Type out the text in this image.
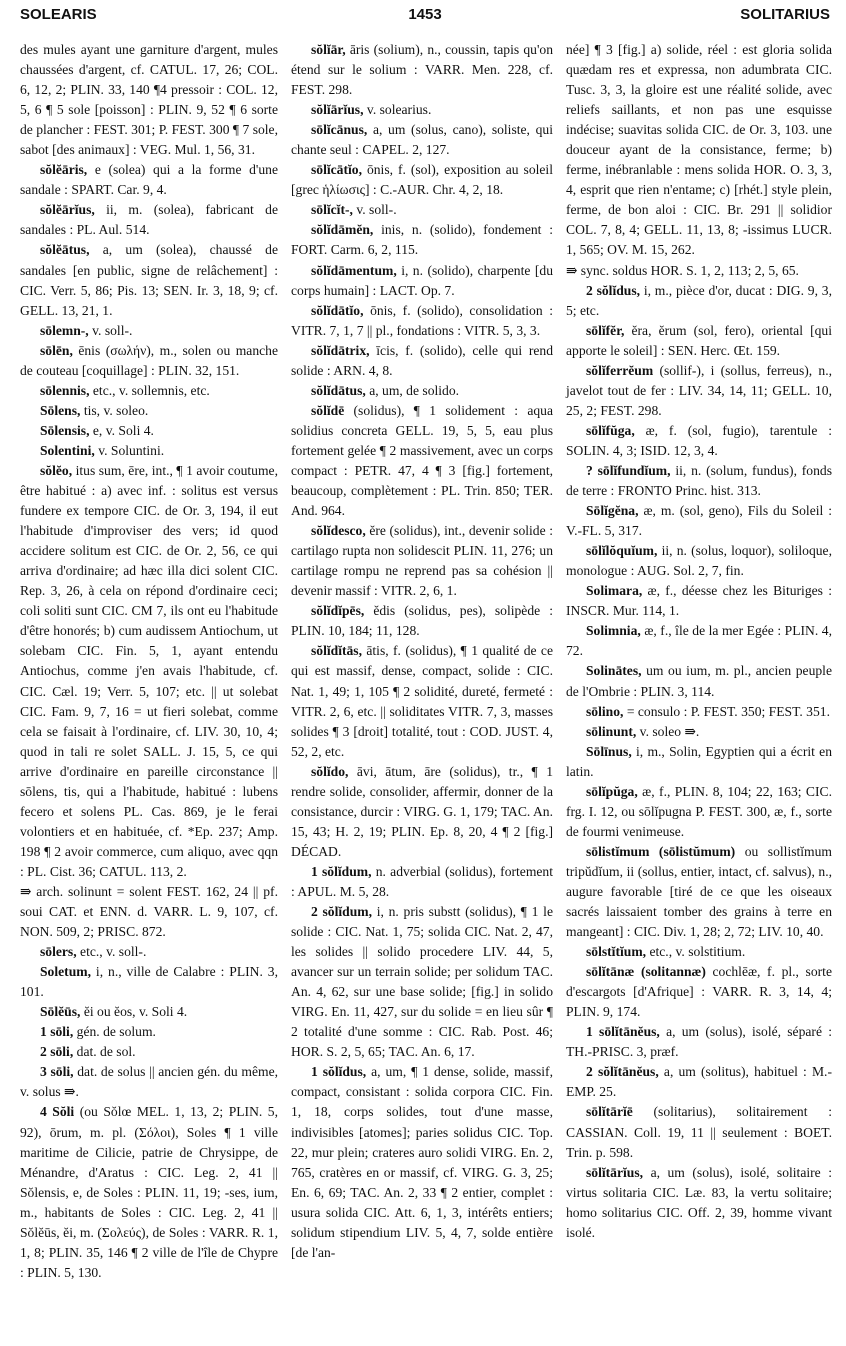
SOLEARIS	1453	SOLITARIUS

des mules ayant une garniture d'argent, mules chaussées d'argent, cf. CATUL. 17, 26; COL. 6, 12, 2; PLIN. 33, 140 ¶4 pressoir : COL. 12, 5, 6 ¶ 5 sole [poisson] : PLIN. 9, 52 ¶ 6 sorte de plancher : FEST. 301; P. FEST. 300 ¶ 7 sole, sabot [des animaux] : VEG. Mul. 1, 56, 31.

sŏlĕāris, e (solea) qui a la forme d'une sandale : SPART. Car. 9, 4.

sŏlĕārĭus, ii, m. (solea), fabricant de sandales : PL. Aul. 514.

sŏlĕātus, a, um (solea), chaussé de sandales [en public, signe de relâchement] : CIC. Verr. 5, 86; Pis. 13; SEN. Ir. 3, 18, 9; cf. GELL. 13, 21, 1.

sōlemn-, v. soll-.

sōlēn, ēnis (σωλήν), m., solen ou manche de couteau [coquillage] : PLIN. 32, 151.

sōlennis, etc., v. sollemnis, etc.

Sōlens, tis, v. soleo.

Sōlensis, e, v. Soli 4.

Solentini, v. Soluntini.

sŏlĕo, itus sum, ēre, int., ¶ 1 avoir coutume, être habitué : a) avec inf. : solitus est versus fundere ex tempore CIC. de Or. 3, 194, il eut l'habitude d'improviser des vers; id quod accidere solitum est CIC. de Or. 2, 56, ce qui arriva d'ordinaire; ad hæc illa dici solent CIC. Rep. 3, 26, à cela on répond d'ordinaire ceci; coli soliti sunt CIC. CM 7, ils ont eu l'habitude d'être honorés; b) cum audissem Antiochum, ut solebam CIC. Fin. 5, 1, ayant entendu Antiochus, comme j'en avais l'habitude, cf. CIC. Cæl. 19; Verr. 5, 107; etc. || ut solebat CIC. Fam. 9, 7, 16 = ut fieri solebat, comme cela se faisait à l'ordinaire, cf. LIV. 30, 10, 4; quod in tali re solet SALL. J. 15, 5, ce qui arrive d'ordinaire en pareille circonstance || sōlens, tis, qui a l'habitude, habitué : lubens fecero et solens PL. Cas. 869, je le ferai volontiers et en habituée, cf. *Ep. 237; Amp. 198 ¶ 2 avoir commerce, cum aliquo, avec qqn : PL. Cist. 36; CATUL. 113, 2.

⇛ arch. solinunt = solent FEST. 162, 24 || pf. soui CAT. et ENN. d. VARR. L. 9, 107, cf. NON. 509, 2; PRISC. 872.

sōlers, etc., v. soll-.

Soletum, i, n., ville de Calabre : PLIN. 3, 101.

Sōlĕūs, ĕi ou ĕos, v. Soli 4.

1 sōli, gén. de solum.

2 sōli, dat. de sol.

3 sōli, dat. de solus || ancien gén. du même, v. solus ⇛.

4 Sŏli (ou Sŏlœ MEL. 1, 13, 2; PLIN. 5, 92), ōrum, m. pl. (Σόλοι), Soles ¶ 1 ville maritime de Cilicie, patrie de Chrysippe, de Ménandre, d'Aratus : CIC. Leg. 2, 41 || Sŏlensis, e, de Soles : PLIN. 11, 19; -ses, ium, m., habitants de Soles : CIC. Leg. 2, 41 || Sŏlĕūs, ĕi, m. (Σολεύς), de Soles : VARR. R. 1, 1, 8; PLIN. 35, 146 ¶ 2 ville de l'île de Chypre : PLIN. 5, 130.

sŏlĭār, āris (solium), n., coussin, tapis qu'on étend sur le solium : VARR. Men. 228, cf. FEST. 298.

sŏlĭārĭus, v. solearius.

sōlĭcānus, a, um (solus, cano), soliste, qui chante seul : CAPEL. 2, 127.

sōlĭcātĭo, ōnis, f. (sol), exposition au soleil [grec ἡλίωσις] : C.-AUR. Chr. 4, 2, 18.

sōlĭcĭt-, v. soll-.

sŏlĭdāmĕn, inis, n. (solido), fondement : FORT. Carm. 6, 2, 115.

sŏlĭdāmentum, i, n. (solido), charpente [du corps humain] : LACT. Op. 7.

sŏlĭdātĭo, ōnis, f. (solido), consolidation : VITR. 7, 1, 7 || pl., fondations : VITR. 5, 3, 3.

sŏlĭdātrix, īcis, f. (solido), celle qui rend solide : ARN. 4, 8.

sŏlĭdātus, a, um, de solido.

sŏlĭdē (solidus), ¶ 1 solidement : aqua solidius concreta GELL. 19, 5, 5, eau plus fortement gelée ¶ 2 massivement, avec un corps compact : PETR. 47, 4 ¶ 3 [fig.] fortement, beaucoup, complètement : PL. Trin. 850; TER. And. 964.

sŏlĭdesco, ĕre (solidus), int., devenir solide : cartilago rupta non solidescit PLIN. 11, 276; un cartilage rompu ne reprend pas sa cohésion || devenir massif : VITR. 2, 6, 1.

sŏlĭdĭpēs, ĕdis (solidus, pes), solipède : PLIN. 10, 184; 11, 128.

sŏlĭdĭtās, ātis, f. (solidus), ¶ 1 qualité de ce qui est massif, dense, compact, solide : CIC. Nat. 1, 49; 1, 105 ¶ 2 solidité, dureté, fermeté : VITR. 2, 6, etc. || soliditates VITR. 7, 3, masses solides ¶ 3 [droit] totalité, tout : COD. JUST. 4, 52, 2, etc.

sŏlĭdo, āvi, ātum, āre (solidus), tr., ¶ 1 rendre solide, consolider, affermir, donner de la consistance, durcir : VIRG. G. 1, 179; TAC. An. 15, 43; H. 2, 19; PLIN. Ep. 8, 20, 4 ¶ 2 [fig.] DÉCAD.

1 sŏlĭdum, n. adverbial (solidus), fortement : APUL. M. 5, 28.

2 sŏlĭdum, i, n. pris substt (solidus), ¶ 1 le solide : CIC. Nat. 1, 75; solida CIC. Nat. 2, 47, les solides || solido procedere LIV. 44, 5, avancer sur un terrain solide; per solidum TAC. An. 4, 62, sur une base solide; [fig.] in solido VIRG. En. 11, 427, sur du solide = en lieu sûr ¶ 2 totalité d'une somme : CIC. Rab. Post. 46; HOR. S. 2, 5, 65; TAC. An. 6, 17.

1 sŏlĭdus, a, um, ¶ 1 dense, solide, massif, compact, consistant : solida corpora CIC. Fin. 1, 18, corps solides, tout d'une masse, indivisibles [atomes]; paries solidus CIC. Top. 22, mur plein; crateres auro solidi VIRG. En. 2, 765, cratères en or massif, cf. VIRG. G. 3, 25; En. 6, 69; TAC. An. 2, 33 ¶ 2 entier, complet : usura solida CIC. Att. 6, 1, 3, intérêts entiers; solidum stipendium LIV. 5, 4, 7, solde entière [de l'an-

née] ¶ 3 [fig.] a) solide, réel : est gloria solida quædam res et expressa, non adumbrata CIC. Tusc. 3, 3, la gloire est une réalité solide, avec reliefs saillants, et non pas une esquisse indécise; suavitas solida CIC. de Or. 3, 103. une douceur ayant de la consistance, ferme; b) ferme, inébranlable : mens solida HOR. O. 3, 3, 4, esprit que rien n'entame; c) [rhét.] style plein, ferme, de bon aloi : CIC. Br. 291 || solidior COL. 7, 8, 4; GELL. 11, 13, 8; -issimus LUCR. 1, 565; OV. M. 15, 262.

⇛ sync. soldus HOR. S. 1, 2, 113; 2, 5, 65.

2 sŏlĭdus, i, m., pièce d'or, ducat : DIG. 9, 3, 5; etc.

sōlĭfĕr, ĕra, ĕrum (sol, fero), oriental [qui apporte le soleil] : SEN. Herc. Œt. 159.

sŏlĭferrĕum (sollif-), i (sollus, ferreus), n., javelot tout de fer : LIV. 34, 14, 11; GELL. 10, 25, 2; FEST. 298.

sōlĭfŭga, æ, f. (sol, fugio), tarentule : SOLIN. 4, 3; ISID. 12, 3, 4.

? sōlĭfundĭum, ii, n. (solum, fundus), fonds de terre : FRONTO Princ. hist. 313.

Sōlĭgĕna, æ, m. (sol, geno), Fils du Soleil : V.-FL. 5, 317.

sōlĭlŏquĭum, ii, n. (solus, loquor), soliloque, monologue : AUG. Sol. 2, 7, fin.

Solimara, æ, f., déesse chez les Bituriges : INSCR. Mur. 114, 1.

Solimnia, æ, f., île de la mer Egée : PLIN. 4, 72.

Solinātes, um ou ium, m. pl., ancien peuple de l'Ombrie : PLIN. 3, 114.

sōlino, = consulo : P. FEST. 350; FEST. 351.

sōlinunt, v. soleo ⇛.

Sōlīnus, i, m., Solin, Egyptien qui a écrit en latin.

sōlĭpŭga, æ, f., PLIN. 8, 104; 22, 163; CIC. frg. I. 12, ou sōlĭpugna P. FEST. 300, æ, f., sorte de fourmi venimeuse.

sōlistĭmum (sōlistŭmum) ou sollistĭmum tripŭdĭum, ii (sollus, entier, intact, cf. salvus), n., augure favorable [tiré de ce que les oiseaux sacrés laissaient tomber des grains à terre en mangeant] : CIC. Div. 1, 28; 2, 72; LIV. 10, 40.

sōlstĭtĭum, etc., v. solstitium.

sōlĭtānæ (solitannæ) cochlēæ, f. pl., sorte d'escargots [d'Afrique] : VARR. R. 3, 14, 4; PLIN. 9, 174.

1 sōlĭtānĕus, a, um (solus), isolé, séparé : TH.-PRISC. 3, præf.

2 sŏlĭtānĕus, a, um (solitus), habituel : M.-EMP. 25.

sōlĭtārĭē (solitarius), solitairement : CASSIAN. Coll. 19, 11 || seulement : BOET. Trin. p. 598.

sōlĭtārĭus, a, um (solus), isolé, solitaire : virtus solitaria CIC. Læ. 83, la vertu solitaire; homo solitarius CIC. Off. 2, 39, homme vivant isolé.
